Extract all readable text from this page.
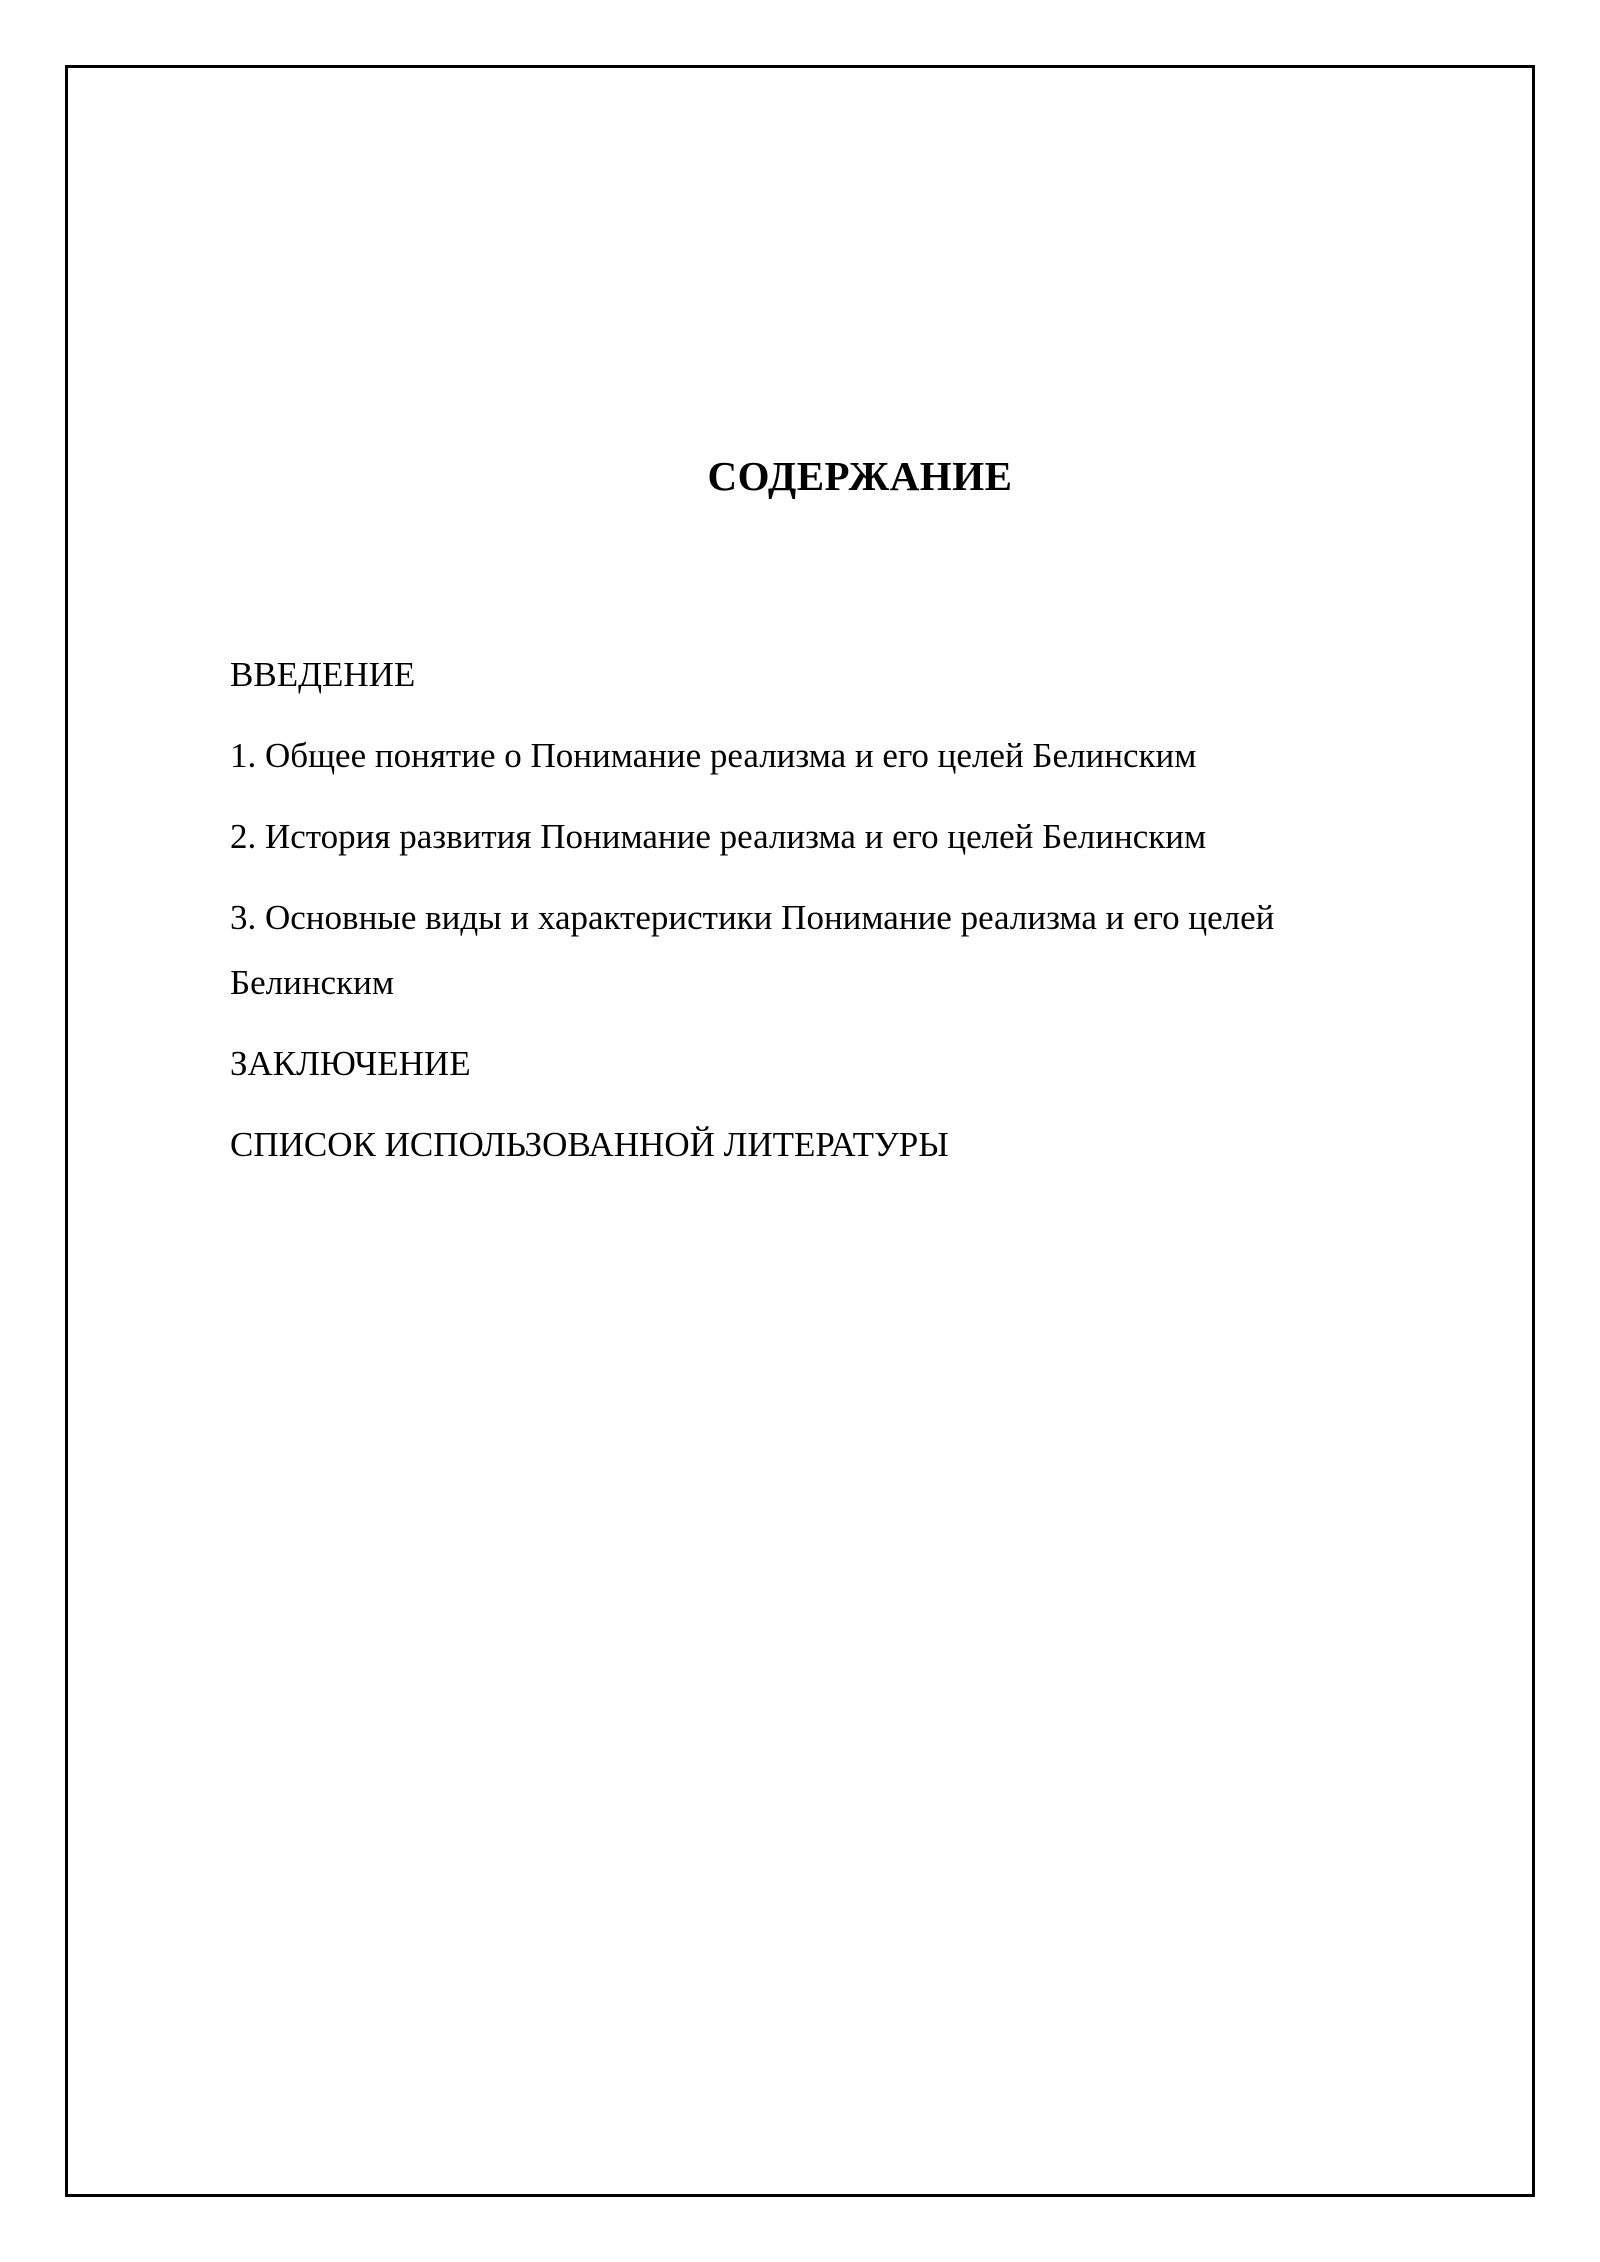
СОДЕРЖАНИЕ

ВВЕДЕНИЕ

1. Общее понятие о Понимание реализма и его целей Белинским

2. История развития Понимание реализма и его целей Белинским

3. Основные виды и характеристики Понимание реализма и его целей Белинским

ЗАКЛЮЧЕНИЕ

СПИСОК ИСПОЛЬЗОВАННОЙ ЛИТЕРАТУРЫ
